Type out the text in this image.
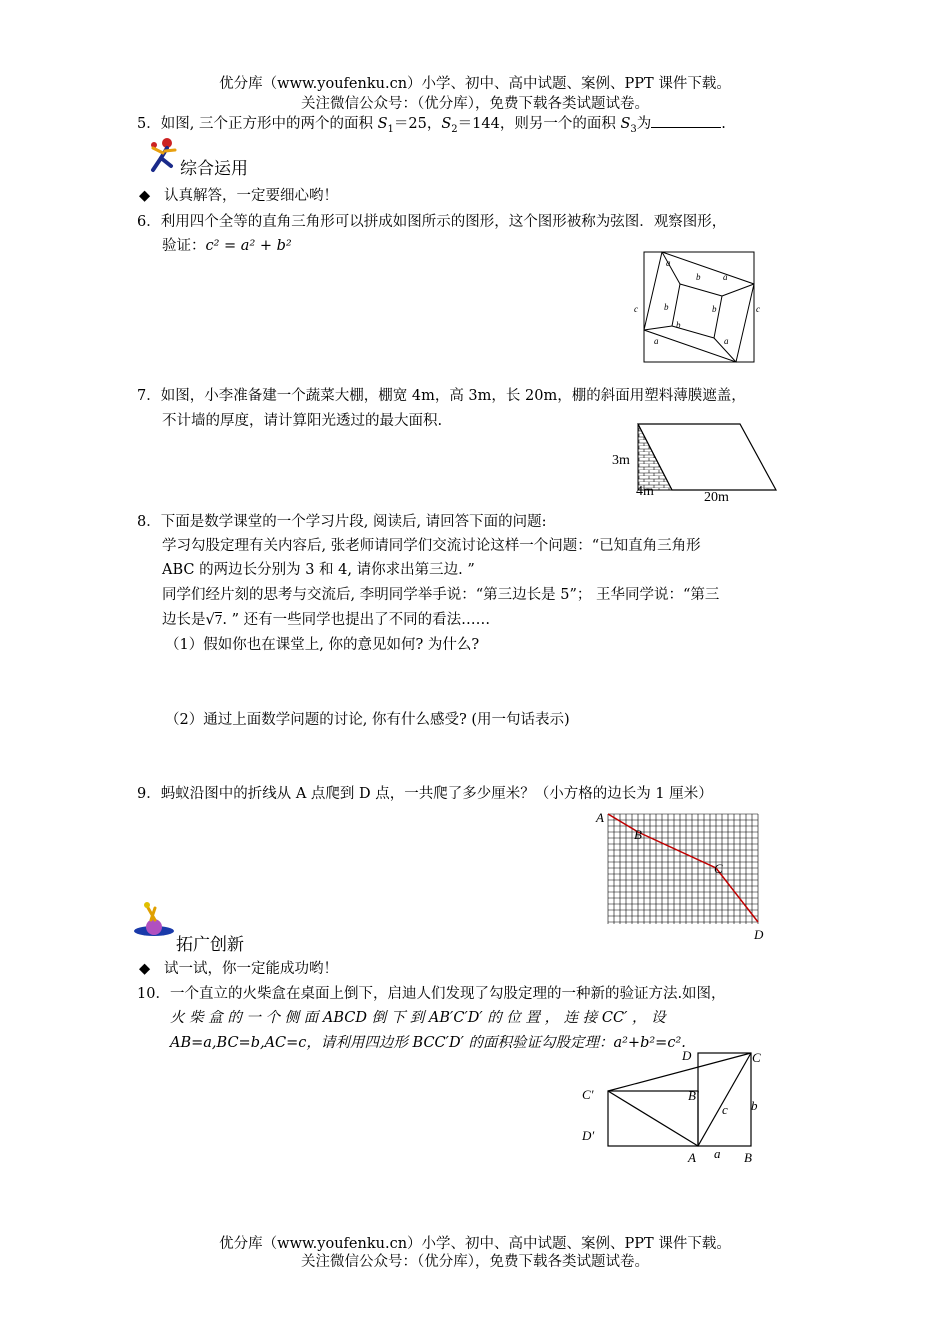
优分库（www.youfenku.cn）小学、初中、高中试题、案例、PPT 课件下载。
关注微信公众号：（优分库），免费下载各类试题试卷。
5．如图, 三个正方形中的两个的面积 $S_1=25$，$S_2=144$，则另一个的面积 $S_3$为	.
综合运用
◆ 认真解答，一定要细心哟！
6．利用四个全等的直角三角形可以拼成如图所示的图形，这个图形被称为弦图．观察图形，
验证：c² = a² + b²
a
b	a
c	b	b	c
b
a	a
7．如图，小李准备建一个蔬菜大棚，棚宽 4m，高 3m，长 20m，棚的斜面用塑料薄膜遮盖，
不计墙的厚度，请计算阳光透过的最大面积.
3m
4m	20m
8．下面是数学课堂的一个学习片段, 阅读后, 请回答下面的问题:
学习勾股定理有关内容后, 张老师请同学们交流讨论这样一个问题：“已知直角三角形
ABC 的两边长分别为 3 和 4, 请你求出第三边. ”
同学们经片刻的思考与交流后, 李明同学举手说：“第三边长是 5”； 王华同学说：“第三
边长是√7. ” 还有一些同学也提出了不同的看法……
（1）假如你也在课堂上, 你的意见如何? 为什么?
（2）通过上面数学问题的讨论, 你有什么感受? (用一句话表示)
9．蚂蚁沿图中的折线从 A 点爬到 D 点，一共爬了多少厘米？（小方格的边长为 1 厘米）
A
B
C
D
拓广创新
◆ 试一试，你一定能成功哟！
10．一个直立的火柴盒在桌面上倒下，启迪人们发现了勾股定理的一种新的验证方法.如图，
火 柴 盒 的 一 个 侧 面 ABCD 倒 下 到 AB′C′D′ 的 位 置 ， 连 接 CC′ ， 设
AB=a,BC=b,AC=c，请利用四边形 BCC′D′ 的面积验证勾股定理：a²+b²=c².
D	C
C′	B′
c b
D′
A a B
优分库（www.youfenku.cn）小学、初中、高中试题、案例、PPT 课件下载。
关注微信公众号：（优分库），免费下载各类试题试卷。
